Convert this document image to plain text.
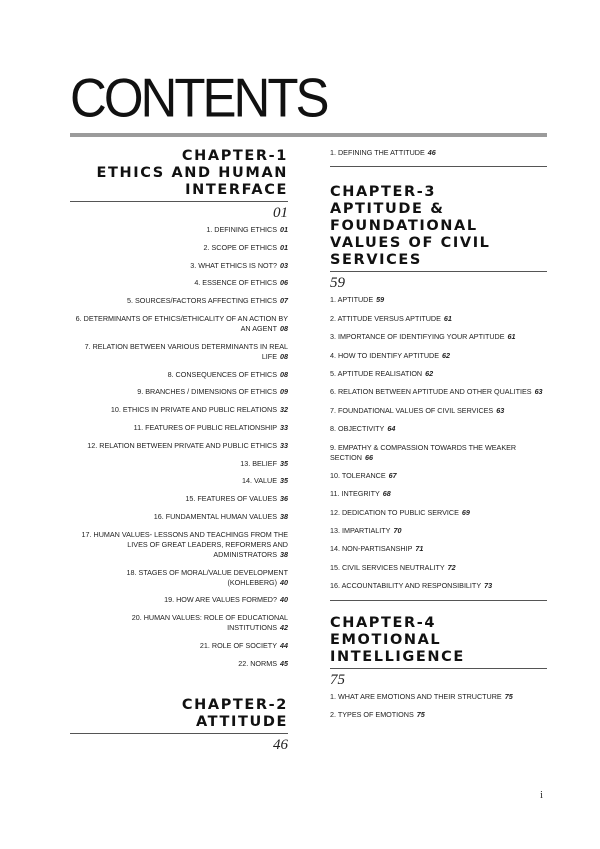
CONTENTS
CHAPTER-1
ETHICS AND HUMAN
INTERFACE
01
1. DEFINING ETHICS 01
2. SCOPE OF ETHICS 01
3. WHAT ETHICS IS NOT? 03
4. ESSENCE OF ETHICS 06
5. SOURCES/FACTORS AFFECTING ETHICS 07
6. DETERMINANTS OF ETHICS/ETHICALITY OF AN ACTION BY AN AGENT 08
7. RELATION BETWEEN VARIOUS DETERMINANTS IN REAL LIFE 08
8. CONSEQUENCES OF ETHICS 08
9. BRANCHES / DIMENSIONS OF ETHICS 09
10. ETHICS IN PRIVATE AND PUBLIC RELATIONS 32
11. FEATURES OF PUBLIC RELATIONSHIP 33
12. RELATION BETWEEN PRIVATE AND PUBLIC ETHICS 33
13. BELIEF 35
14. VALUE 35
15. FEATURES OF VALUES 36
16. FUNDAMENTAL HUMAN VALUES 38
17. HUMAN VALUES- LESSONS AND TEACHINGS FROM THE LIVES OF GREAT LEADERS, REFORMERS AND ADMINISTRATORS 38
18. STAGES OF MORAL/VALUE DEVELOPMENT (KOHLEBERG) 40
19. HOW ARE VALUES FORMED? 40
20. HUMAN VALUES: ROLE OF EDUCATIONAL INSTITUTIONS 42
21. ROLE OF SOCIETY 44
22. NORMS 45
CHAPTER-2
ATTITUDE
46
1. DEFINING THE ATTITUDE 46
CHAPTER-3
APTITUDE &
FOUNDATIONAL
VALUES OF CIVIL
SERVICES
59
1. APTITUDE 59
2. ATTITUDE VERSUS APTITUDE 61
3. IMPORTANCE OF IDENTIFYING YOUR APTITUDE 61
4. HOW TO IDENTIFY APTITUDE 62
5. APTITUDE REALISATION 62
6. RELATION BETWEEN APTITUDE AND OTHER QUALITIES 63
7. FOUNDATIONAL VALUES OF CIVIL SERVICES 63
8. OBJECTIVITY 64
9. EMPATHY & COMPASSION TOWARDS THE WEAKER SECTION 66
10. TOLERANCE 67
11. INTEGRITY 68
12. DEDICATION TO PUBLIC SERVICE 69
13. IMPARTIALITY 70
14. NON-PARTISANSHIP 71
15. CIVIL SERVICES NEUTRALITY 72
16. ACCOUNTABILITY AND RESPONSIBILITY 73
CHAPTER-4
EMOTIONAL
INTELLIGENCE
75
1. WHAT ARE EMOTIONS AND THEIR STRUCTURE 75
2. TYPES OF EMOTIONS 75
i
